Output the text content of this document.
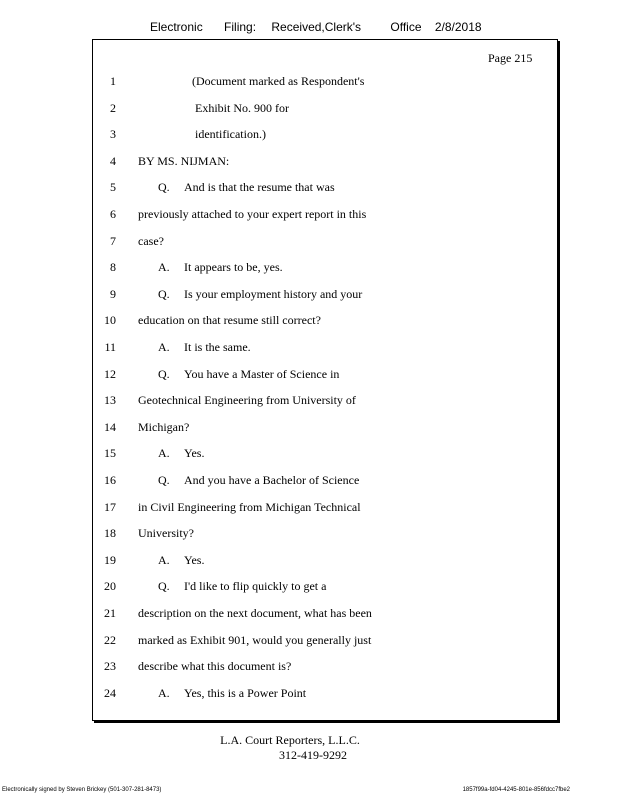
Electronic Filing: Received,Clerk's Office 2/8/2018
Page 215
1	(Document marked as Respondent's
2	Exhibit No. 900 for
3	identification.)
4 BY MS. NIJMAN:
5	Q. And is that the resume that was
6 previously attached to your expert report in this
7 case?
8	A. It appears to be, yes.
9	Q. Is your employment history and your
10 education on that resume still correct?
11	A. It is the same.
12	Q. You have a Master of Science in
13 Geotechnical Engineering from University of
14 Michigan?
15	A. Yes.
16	Q. And you have a Bachelor of Science
17 in Civil Engineering from Michigan Technical
18 University?
19	A. Yes.
20	Q. I'd like to flip quickly to get a
21 description on the next document, what has been
22 marked as Exhibit 901, would you generally just
23 describe what this document is?
24	A. Yes, this is a Power Point
L.A. Court Reporters, L.L.C.
312-419-9292
Electronically signed by Steven Brickey (501-307-281-8473)	1857f99a-fd04-4245-801e-856fdcc7fbe2
